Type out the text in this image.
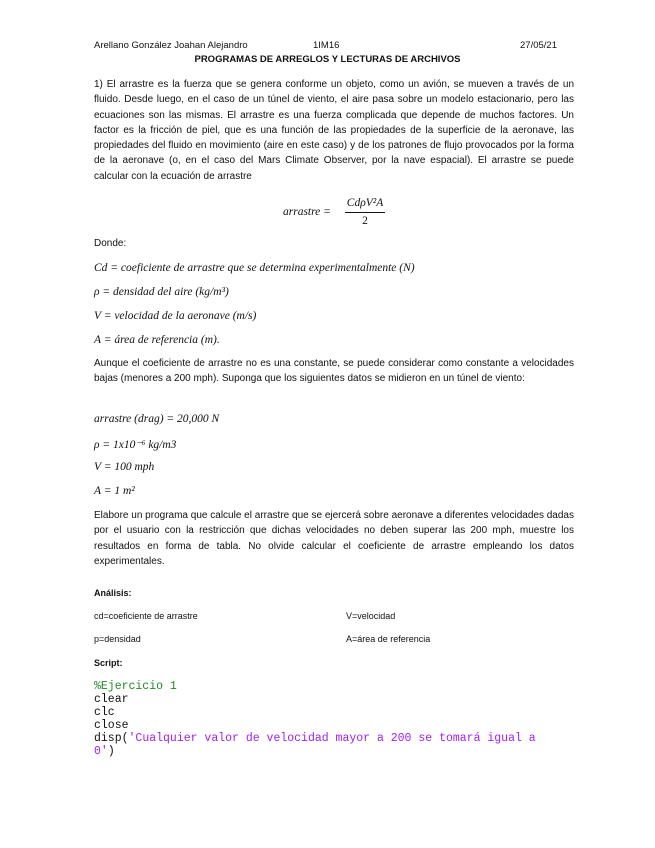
Arellano González Joahan Alejandro	1IM16	27/05/21
PROGRAMAS DE ARREGLOS Y LECTURAS DE ARCHIVOS
1) El arrastre es la fuerza que se genera conforme un objeto, como un avión, se mueven a través de un fluido. Desde luego, en el caso de un túnel de viento, el aire pasa sobre un modelo estacionario, pero las ecuaciones son las mismas. El arrastre es una fuerza complicada que depende de muchos factores. Un factor es la fricción de piel, que es una función de las propiedades de la superficie de la aeronave, las propiedades del fluido en movimiento (aire en este caso) y de los patrones de flujo provocados por la forma de la aeronave (o, en el caso del Mars Climate Observer, por la nave espacial). El arrastre se puede calcular con la ecuación de arrastre
arrastre =
CdρV²A
2
Donde:
Cd = coeficiente de arrastre que se determina experimentalmente (N)
ρ = densidad del aire (kg/m³)
V = velocidad de la aeronave (m/s)
A = área de referencia (m).
Aunque el coeficiente de arrastre no es una constante, se puede considerar como constante a velocidades bajas (menores a 200 mph). Suponga que los siguientes datos se midieron en un túnel de viento:
arrastre (drag) = 20,000 N
ρ = 1x10⁻⁶ kg/m3
V = 100 mph
A = 1 m²
Elabore un programa que calcule el arrastre que se ejercerá sobre aeronave a diferentes velocidades dadas por el usuario con la restricción que dichas velocidades no deben superar las 200 mph, muestre los resultados en forma de tabla. No olvide calcular el coeficiente de arrastre empleando los datos experimentales.
Análisis:
cd=coeficiente de arrastre	V=velocidad
p=densidad	A=área de referencia
Script:
%Ejercicio 1
clear
clc
close
disp('Cualquier valor de velocidad mayor a 200 se tomará igual a
0')
